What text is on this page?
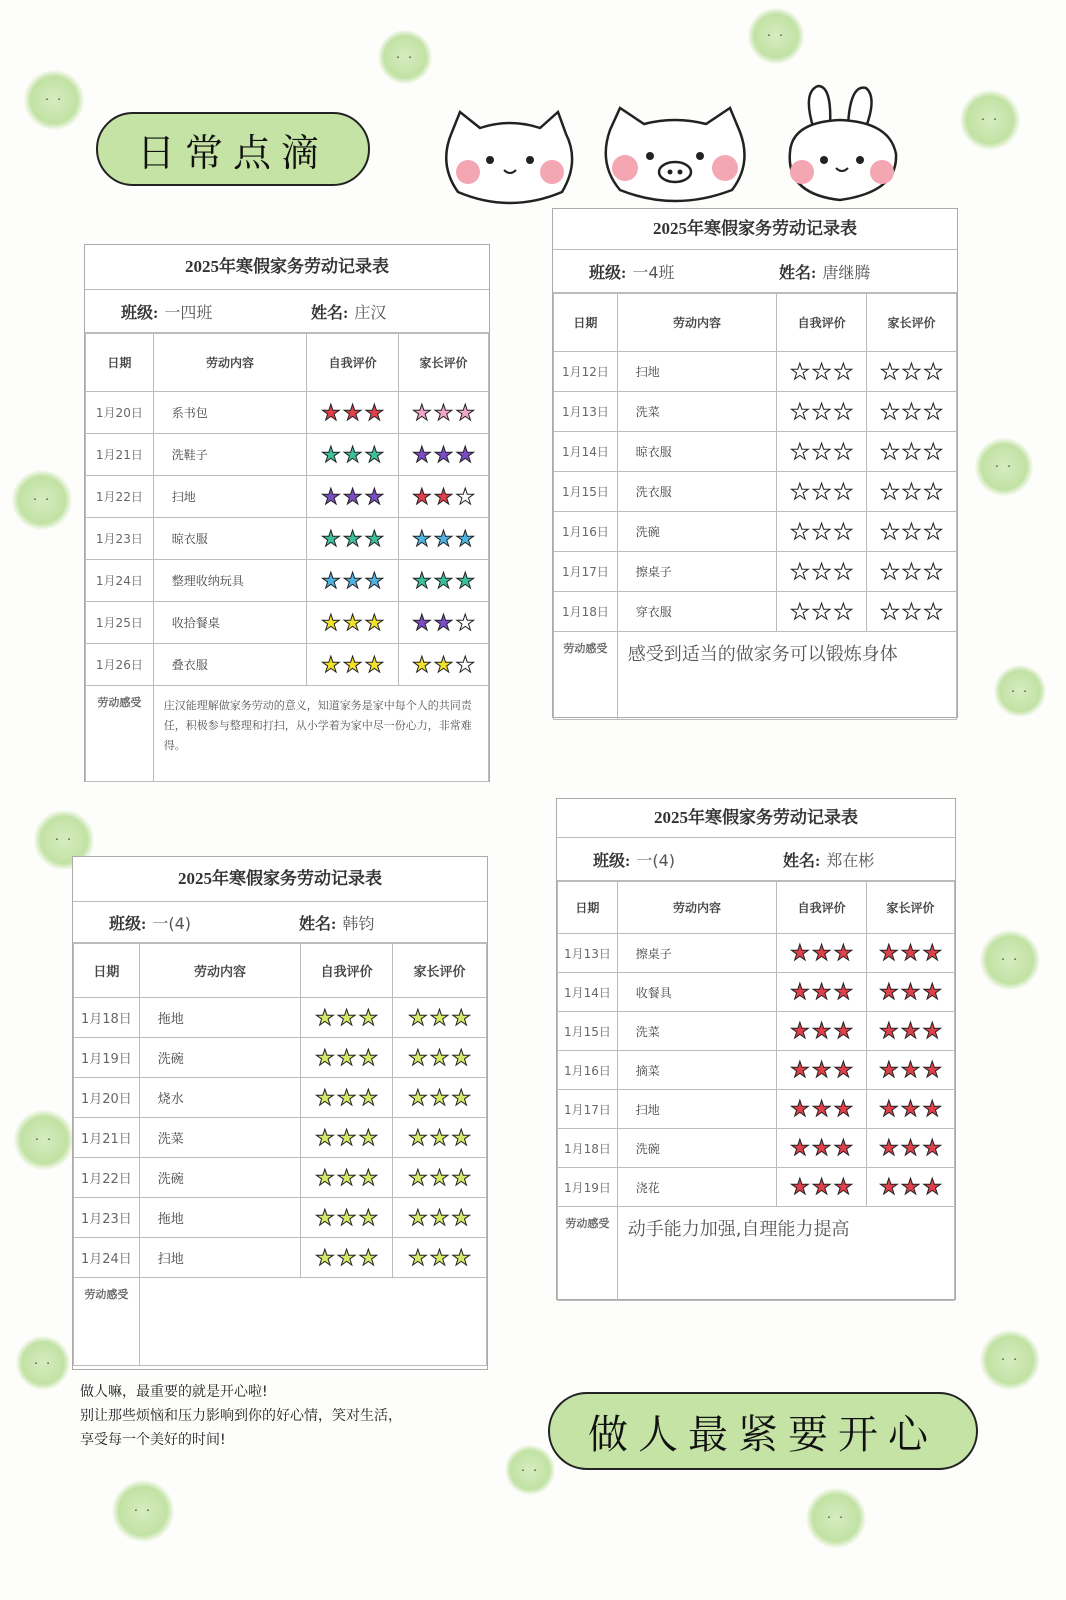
· ·
· ·
· ·
· ·
· ·
· ·
· ·
· ·
· ·
· ·
· ·
· ·
· ·
· ·
· ·
日常点滴
2025年寒假家务劳动记录表
班级: 一四班	姓名: 庄汉
日期	劳动内容	自我评价	家长评价
1月20日	系书包	★ ★ ★	★ ★ ★

1月21日	洗鞋子	★ ★ ★	★ ★ ★

1月22日	扫地	★ ★ ★	★ ★ ★

1月23日	晾衣服	★ ★ ★	★ ★ ★

1月24日	整理收纳玩具	★ ★ ★	★ ★ ★

1月25日	收拾餐桌	★ ★ ★	★ ★ ★

1月26日	叠衣服	★ ★ ★	★ ★ ★

劳动感受	庄汉能理解做家务劳动的意义，知道家务是家中每个人的共同责任，积极参与整理和打扫，从小学着为家中尽一份心力，非常难得。		
2025年寒假家务劳动记录表
班级: 一4班	姓名: 唐继腾
日期	劳动内容	自我评价	家长评价
1月12日	扫地	★ ★ ★	★ ★ ★

1月13日	洗菜	★ ★ ★	★ ★ ★

1月14日	晾衣服	★ ★ ★	★ ★ ★

1月15日	洗衣服	★ ★ ★	★ ★ ★

1月16日	洗碗	★ ★ ★	★ ★ ★

1月17日	擦桌子	★ ★ ★	★ ★ ★

1月18日	穿衣服	★ ★ ★	★ ★ ★

劳动感受	感受到适当的做家务可以锻炼身体		
2025年寒假家务劳动记录表
班级: 一(4)	姓名: 韩钧
日期	劳动内容	自我评价	家长评价
1月18日	拖地	★ ★ ★	★ ★ ★

1月19日	洗碗	★ ★ ★	★ ★ ★

1月20日	烧水	★ ★ ★	★ ★ ★

1月21日	洗菜	★ ★ ★	★ ★ ★

1月22日	洗碗	★ ★ ★	★ ★ ★

1月23日	拖地	★ ★ ★	★ ★ ★

1月24日	扫地	★ ★ ★	★ ★ ★

劳动感受			
2025年寒假家务劳动记录表
班级: 一(4)	姓名: 郑在彬
日期	劳动内容	自我评价	家长评价
1月13日	擦桌子	★ ★ ★	★ ★ ★

1月14日	收餐具	★ ★ ★	★ ★ ★

1月15日	洗菜	★ ★ ★	★ ★ ★

1月16日	摘菜	★ ★ ★	★ ★ ★

1月17日	扫地	★ ★ ★	★ ★ ★

1月18日	洗碗	★ ★ ★	★ ★ ★

1月19日	浇花	★ ★ ★	★ ★ ★

劳动感受	动手能力加强,自理能力提高		
做人嘛，最重要的就是开心啦!
别让那些烦恼和压力影响到你的好心情，笑对生活，
享受每一个美好的时间!	做人最紧要开心
